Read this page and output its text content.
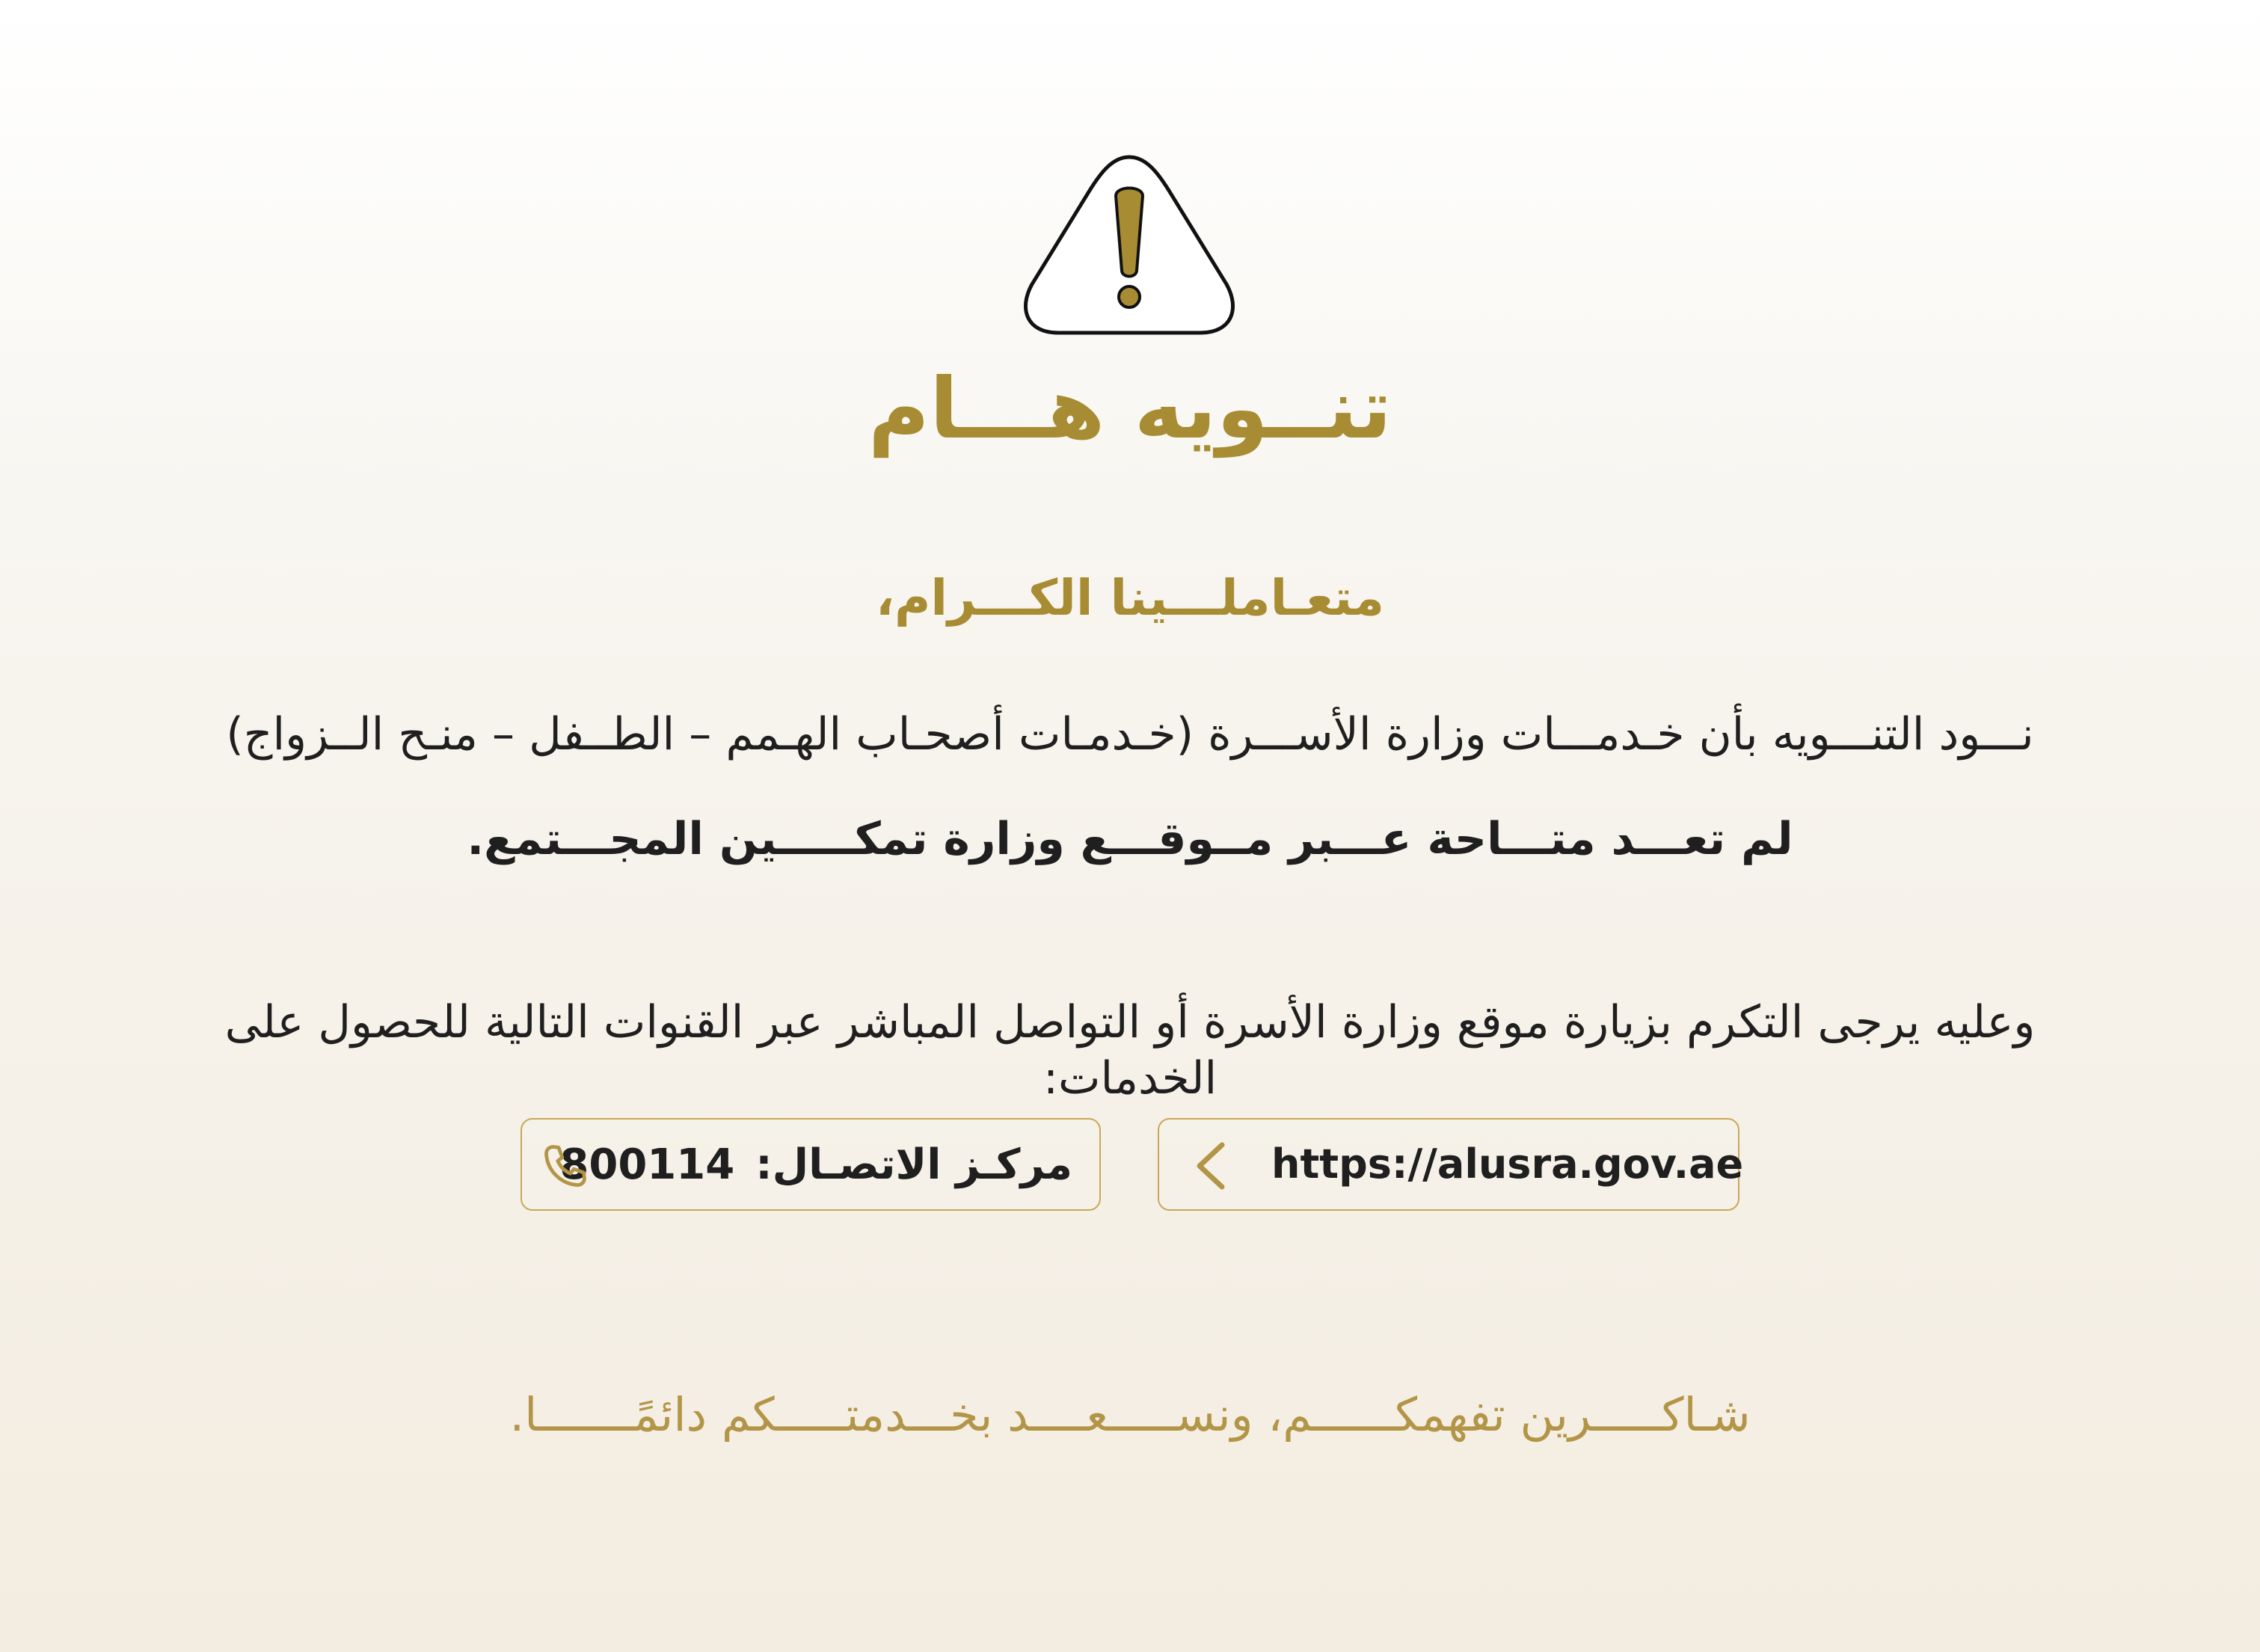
تنــويه هـــام
متعـاملـــينا الكـــرام،
نـــود التنـــويه بأن خـدمـــات وزارة الأســـرة (خـدمـات أصحـاب الهـمم – الطــفل – منـح الــزواج)
لم تعـــد متـــاحة عـــبر مــوقـــع وزارة تمكـــــين المجـــتمع.
وعليه يرجى التكرم بزيارة موقع وزارة الأسرة أو التواصل المباشر عبر القنوات التالية للحصول على الخدمات:
مركـز الاتصـال:
800114	https://alusra.gov.ae
شـاكـــــرين تفهمكــــــم، ونســـــعــــد بخـــدمتـــــكم دائمًـــــــا.
